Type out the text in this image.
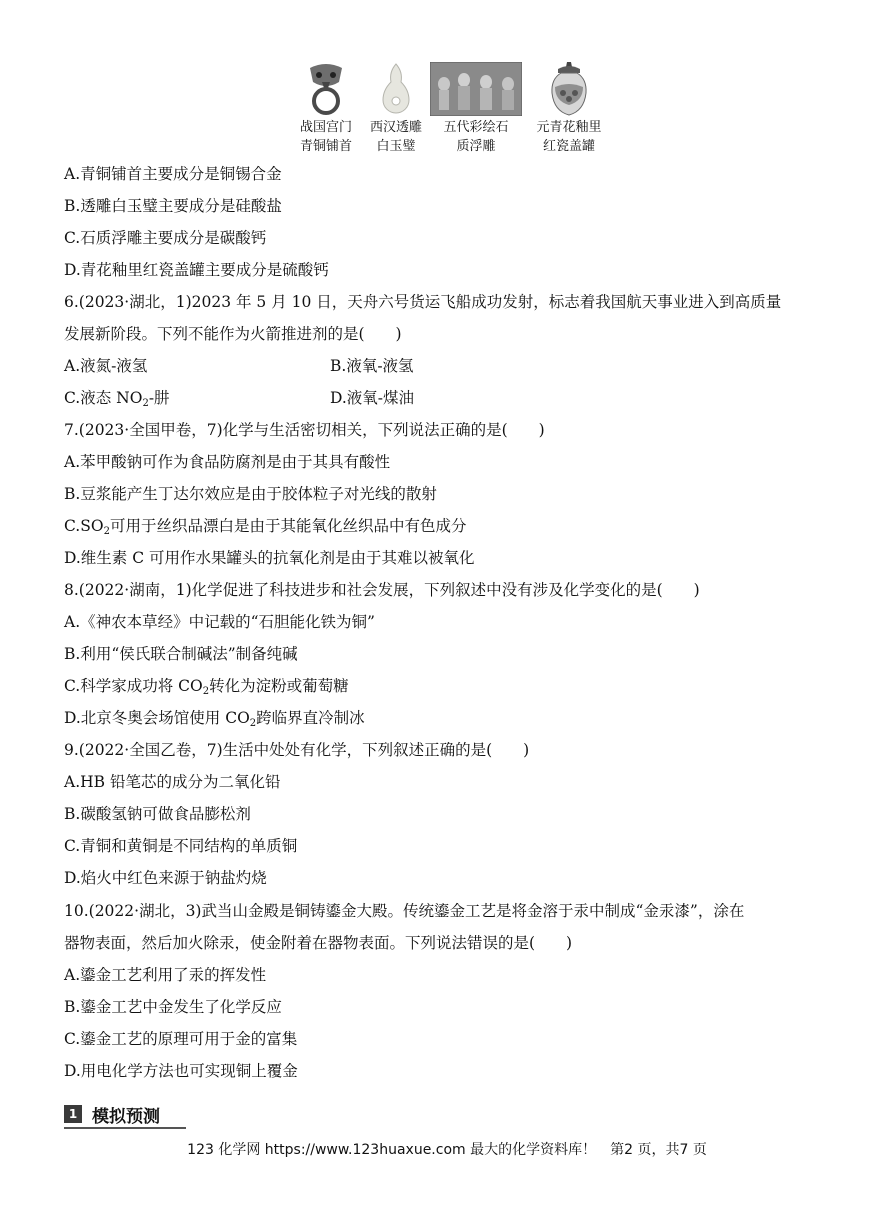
战国宫门
青铜铺首
西汉透雕
白玉璧
五代彩绘石
质浮雕
元青花釉里
红瓷盖罐
A.青铜铺首主要成分是铜锡合金
B.透雕白玉璧主要成分是硅酸盐
C.石质浮雕主要成分是碳酸钙
D.青花釉里红瓷盖罐主要成分是硫酸钙
6.(2023·湖北，1)2023 年 5 月 10 日，天舟六号货运飞船成功发射，标志着我国航天事业进入到高质量
发展新阶段。下列不能作为火箭推进剂的是(　　)
A.液氮-液氢	B.液氧-液氢
C.液态 $NO_2-$肼	D.液氧-煤油
7.(2023·全国甲卷，7)化学与生活密切相关，下列说法正确的是(　　)
A.苯甲酸钠可作为食品防腐剂是由于其具有酸性
B.豆浆能产生丁达尔效应是由于胶体粒子对光线的散射
$C.SO_2$可用于丝织品漂白是由于其能氧化丝织品中有色成分
D.维生素 C 可用作水果罐头的抗氧化剂是由于其难以被氧化
8.(2022·湖南，1)化学促进了科技进步和社会发展，下列叙述中没有涉及化学变化的是(　　)
A.《神农本草经》中记载的“石胆能化铁为铜”
B.利用“侯氏联合制碱法”制备纯碱
C.科学家成功将 $CO_2$转化为淀粉或葡萄糖
D.北京冬奥会场馆使用 $CO_2$跨临界直冷制冰
9.(2022·全国乙卷，7)生活中处处有化学，下列叙述正确的是(　　)
A.HB 铅笔芯的成分为二氧化铅
B.碳酸氢钠可做食品膨松剂
C.青铜和黄铜是不同结构的单质铜
D.焰火中红色来源于钠盐灼烧
10.(2022·湖北，3)武当山金殿是铜铸鎏金大殿。传统鎏金工艺是将金溶于汞中制成“金汞漆”，涂在
器物表面，然后加火除汞，使金附着在器物表面。下列说法错误的是(　　)
A.鎏金工艺利用了汞的挥发性
B.鎏金工艺中金发生了化学反应
C.鎏金工艺的原理可用于金的富集
D.用电化学方法也可实现铜上覆金
1 模拟预测
123 化学网 https://www.123huaxue.com 最大的化学资料库！　第2 页，共7 页
